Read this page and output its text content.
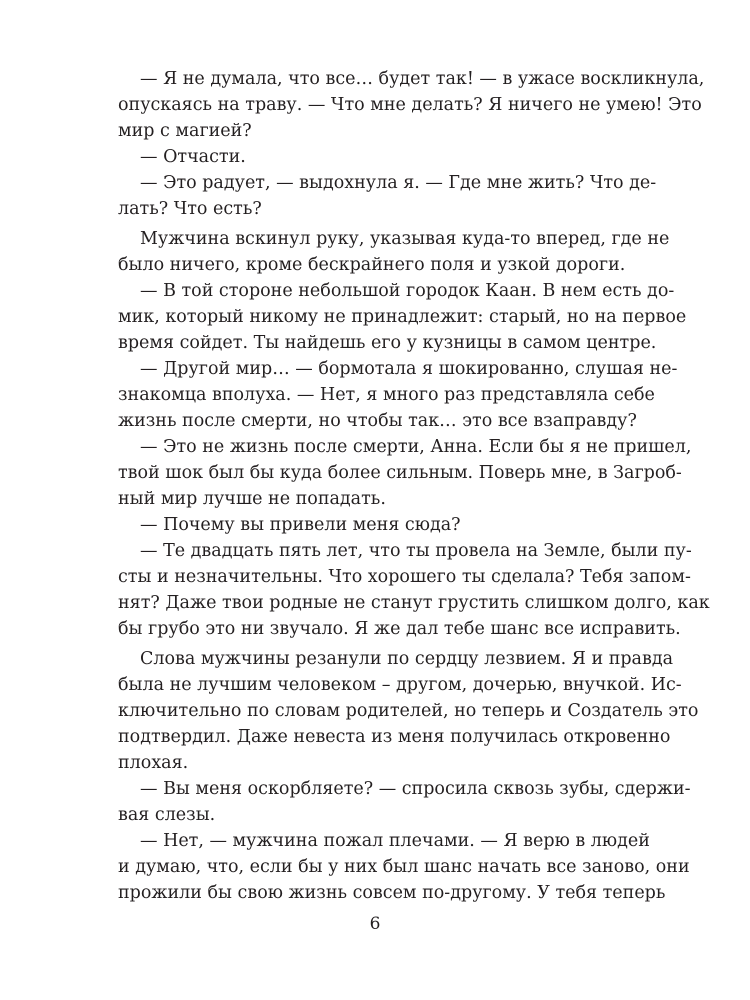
— Я не думала, что все… будет так! — в ужасе воскликнула,
опускаясь на траву. — Что мне делать? Я ничего не умею! Это
мир с магией?
— Отчасти.
— Это радует, — выдохнула я. — Где мне жить? Что де-
лать? Что есть?
Мужчина вскинул руку, указывая куда-то вперед, где не
было ничего, кроме бескрайнего поля и узкой дороги.
— В той стороне небольшой городок Каан. В нем есть до-
мик, который никому не принадлежит: старый, но на первое
время сойдет. Ты найдешь его у кузницы в самом центре.
— Другой мир… — бормотала я шокированно, слушая не-
знакомца вполуха. — Нет, я много раз представляла себе
жизнь после смерти, но чтобы так… это все взаправду?
— Это не жизнь после смерти, Анна. Если бы я не пришел,
твой шок был бы куда более сильным. Поверь мне, в Загроб-
ный мир лучше не попадать.
— Почему вы привели меня сюда?
— Те двадцать пять лет, что ты провела на Земле, были пу-
сты и незначительны. Что хорошего ты сделала? Тебя запом-
нят? Даже твои родные не станут грустить слишком долго, как
бы грубо это ни звучало. Я же дал тебе шанс все исправить.
Слова мужчины резанули по сердцу лезвием. Я и правда
была не лучшим человеком – другом, дочерью, внучкой. Ис-
ключительно по словам родителей, но теперь и Создатель это
подтвердил. Даже невеста из меня получилась откровенно
плохая.
— Вы меня оскорбляете? — спросила сквозь зубы, сдержи-
вая слезы.
— Нет, — мужчина пожал плечами. — Я верю в людей
и думаю, что, если бы у них был шанс начать все заново, они
прожили бы свою жизнь совсем по-другому. У тебя теперь
6
